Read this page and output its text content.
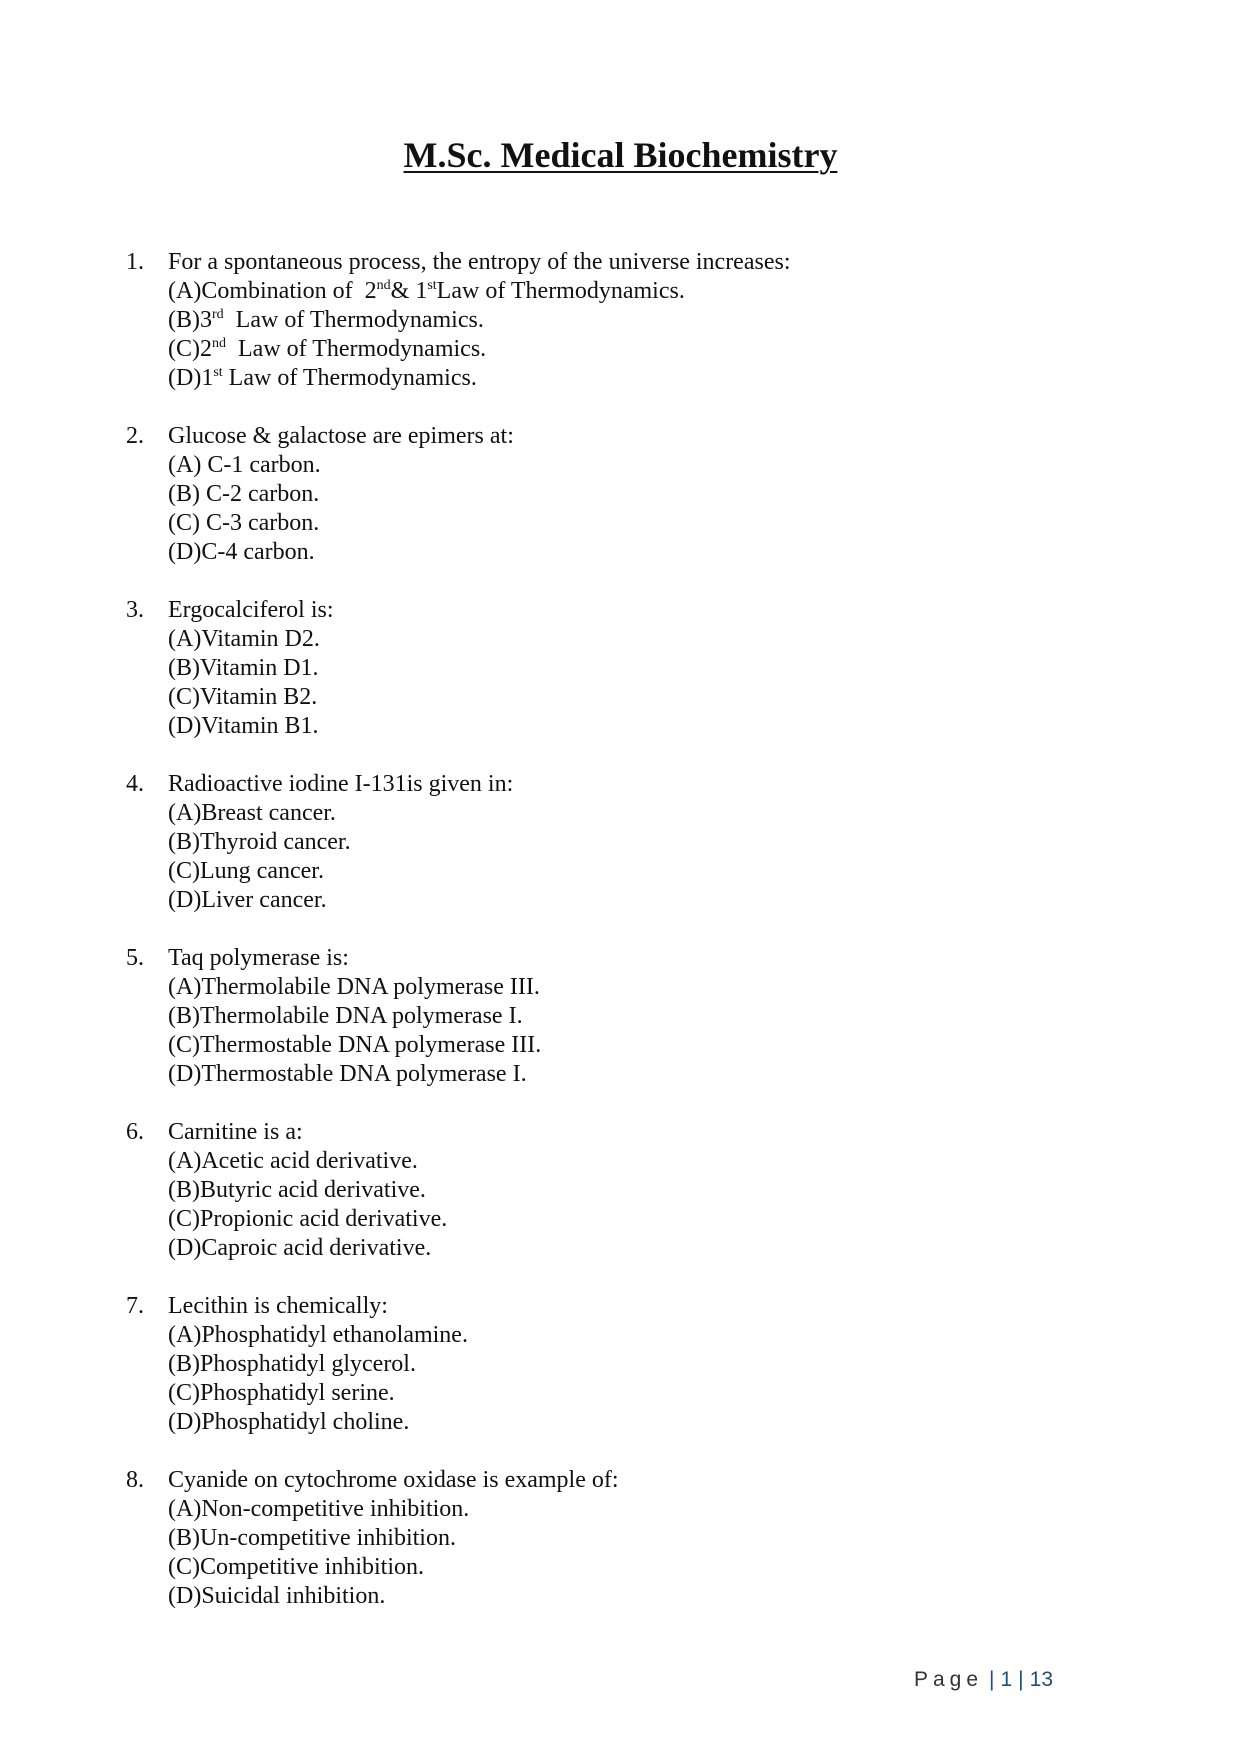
M.Sc. Medical Biochemistry
1.	For a spontaneous process, the entropy of the universe increases:
(A)Combination of  2nd& 1stLaw of Thermodynamics.
(B)3rd  Law of Thermodynamics.
(C)2nd  Law of Thermodynamics.
(D)1st Law of Thermodynamics.
2.	Glucose & galactose are epimers at:
(A) C-1 carbon.
(B) C-2 carbon.
(C) C-3 carbon.
(D)C-4 carbon.
3.	Ergocalciferol is:
(A)Vitamin D2.
(B)Vitamin D1.
(C)Vitamin B2.
(D)Vitamin B1.
4.	Radioactive iodine I-131is given in:
(A)Breast cancer.
(B)Thyroid cancer.
(C)Lung cancer.
(D)Liver cancer.
5.	Taq polymerase is:
(A)Thermolabile DNA polymerase III.
(B)Thermolabile DNA polymerase I.
(C)Thermostable DNA polymerase III.
(D)Thermostable DNA polymerase I.
6.	Carnitine is a:
(A)Acetic acid derivative.
(B)Butyric acid derivative.
(C)Propionic acid derivative.
(D)Caproic acid derivative.
7.	Lecithin is chemically:
(A)Phosphatidyl ethanolamine.
(B)Phosphatidyl glycerol.
(C)Phosphatidyl serine.
(D)Phosphatidyl choline.
8.	Cyanide on cytochrome oxidase is example of:
(A)Non-competitive inhibition.
(B)Un-competitive inhibition.
(C)Competitive inhibition.
(D)Suicidal inhibition.
Page | 1 | 13
